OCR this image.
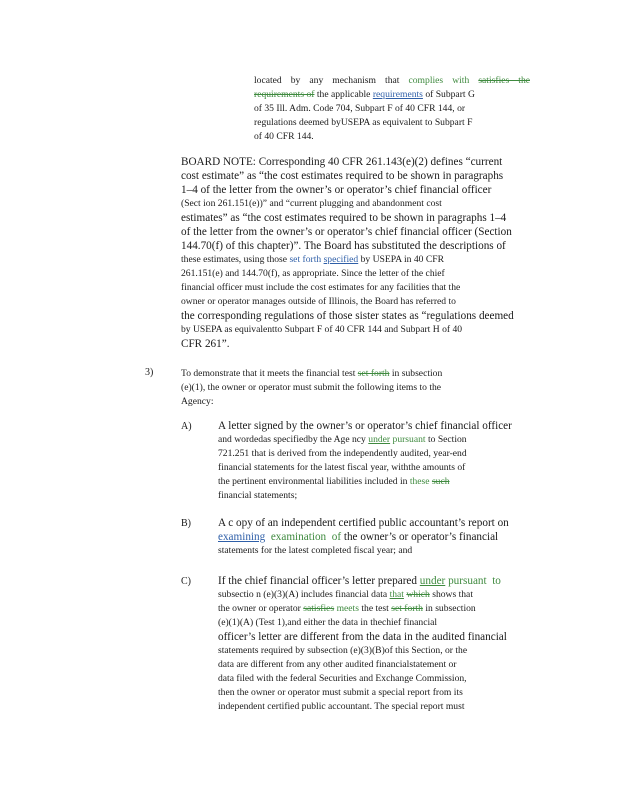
located by any mechanism that complies with satisfies the
requirements of the applicable requirements of Subpart G
of 35 Ill. Adm. Code 704, Subpart F of 40 CFR 144, or
regulations deemed byUSEPA as equivalent to Subpart F
of 40 CFR 144.
BOARD NOTE: Corresponding 40 CFR 261.143(e)(2) defines “current
cost estimate” as “the cost estimates required to be shown in paragraphs
1–4 of the letter from the owner’s or operator’s chief financial officer
(Sect ion 261.151(e))” and “current plugging and abandonment cost
estimates” as “the cost estimates required to be shown in paragraphs 1–4
of the letter from the owner’s or operator’s chief financial officer (Section
144.70(f) of this chapter)”. The Board has substituted the descriptions of
these estimates, using those set forth specified by USEPA in 40 CFR
261.151(e) and 144.70(f), as appropriate. Since the letter of the chief
financial officer must include the cost estimates for any facilities that the
owner or operator manages outside of Illinois, the Board has referred to
the corresponding regulations of those sister states as “regulations deemed
by USEPA as equivalentto Subpart F of 40 CFR 144 and Subpart H of 40
CFR 261”.
3)	To demonstrate that it meets the financial test set forth in subsection
(e)(1), the owner or operator must submit the following items to the
Agency:
A) A letter signed by the owner’s or operator’s chief financial officer
and wordedas specifiedby the Age ncy under pursuant to Section
721.251 that is derived from the independently audited, year-end
financial statements for the latest fiscal year, withthe amounts of
the pertinent environmental liabilities included in these such
financial statements;
B) A c opy of an independent certified public accountant’s report on
examining examination of the owner’s or operator’s financial
statements for the latest completed fiscal year; and
C) If the chief financial officer’s letter prepared under pursuant to
subsectio n (e)(3)(A) includes financial data that which shows that
the owner or operator satisfies meets the test set forth in subsection
(e)(1)(A) (Test 1),and either the data in thechief financial
officer’s letter are different from the data in the audited financial
statements required by subsection (e)(3)(B)of this Section, or the
data are different from any other audited financialstatement or
data filed with the federal Securities and Exchange Commission,
then the owner or operator must submit a special report from its
independent certified public accountant. The special report must
